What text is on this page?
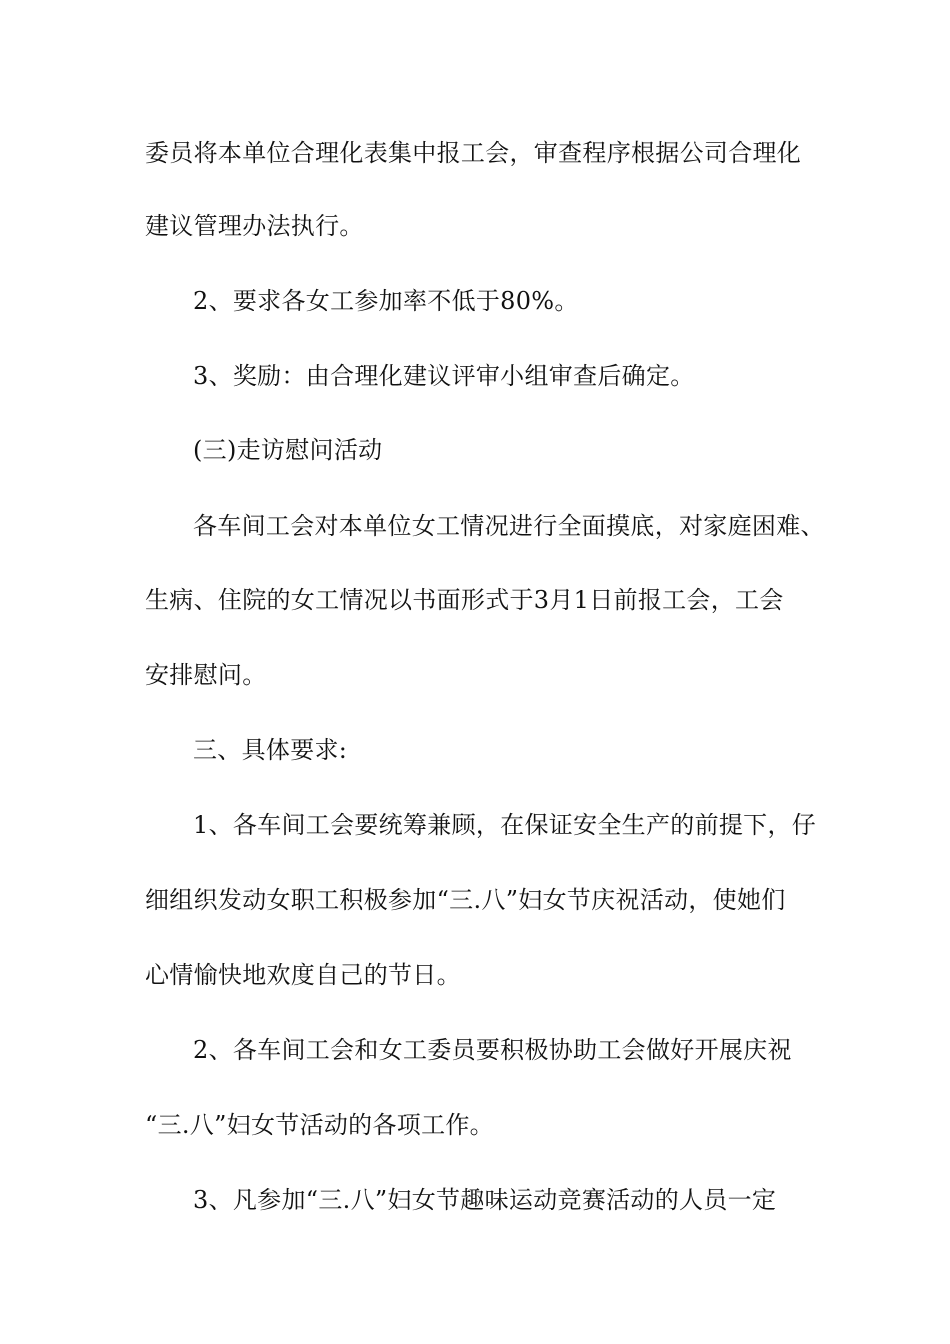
委员将本单位合理化表集中报工会，审查程序根据公司合理化
建议管理办法执行。
2、要求各女工参加率不低于80%。
3、奖励：由合理化建议评审小组审查后确定。
(三)走访慰问活动
各车间工会对本单位女工情况进行全面摸底，对家庭困难、
生病、住院的女工情况以书面形式于3月1日前报工会，工会
安排慰问。
三、具体要求:
1、各车间工会要统筹兼顾，在保证安全生产的前提下，仔
细组织发动女职工积极参加“三.八”妇女节庆祝活动，使她们
心情愉快地欢度自己的节日。
2、各车间工会和女工委员要积极协助工会做好开展庆祝
“三.八”妇女节活动的各项工作。
3、凡参加“三.八”妇女节趣味运动竞赛活动的人员一定
